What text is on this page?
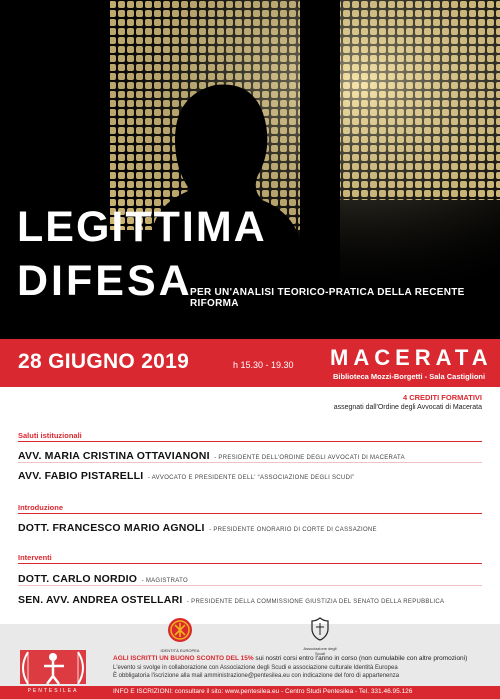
LEGITTIMA
DIFESA
PER UN'ANALISI TEORICO-PRATICA DELLA RECENTE RIFORMA
28 GIUGNO 2019	h 15.30 - 19.30 MACERATA
Biblioteca Mozzi-Borgetti - Sala Castiglioni
4 CREDITI FORMATIVI
assegnati dall'Ordine degli Avvocati di Macerata
Saluti istituzionali
AVV. MARIA CRISTINA OTTAVIANONI - PRESIDENTE DELL'ORDINE DEGLI AVVOCATI DI MACERATA
AVV. FABIO PISTARELLI - AVVOCATO E PRESIDENTE DELL' “ASSOCIAZIONE DEGLI SCUDI”
Introduzione
DOTT. FRANCESCO MARIO AGNOLI - PRESIDENTE ONORARIO DI CORTE DI CASSAZIONE
Interventi
DOTT. CARLO NORDIO - MAGISTRATO
SEN. AVV. ANDREA OSTELLARI - PRESIDENTE DELLA COMMISSIONE GIUSTIZIA DEL SENATO DELLA REPUBBLICA
IDENTITÀ EUROPEA	Associazione degli Scudi
AGLI ISCRITTI UN BUONO SCONTO DEL 15% sui nostri corsi entro l'anno in corso (non cumulabile con altre promozioni)
L'evento si svolge in collaborazione con Associazione degli Scudi e associazione culturale Identità Europea
È obbligatoria l'iscrizione alla mail amministrazione@pentesilea.eu con indicazione del foro di appartenenza
PENTESILEA	INFO E ISCRIZIONI: consultare il sito: www.pentesilea.eu - Centro Studi Pentesilea - Tel. 331.46.95.126
